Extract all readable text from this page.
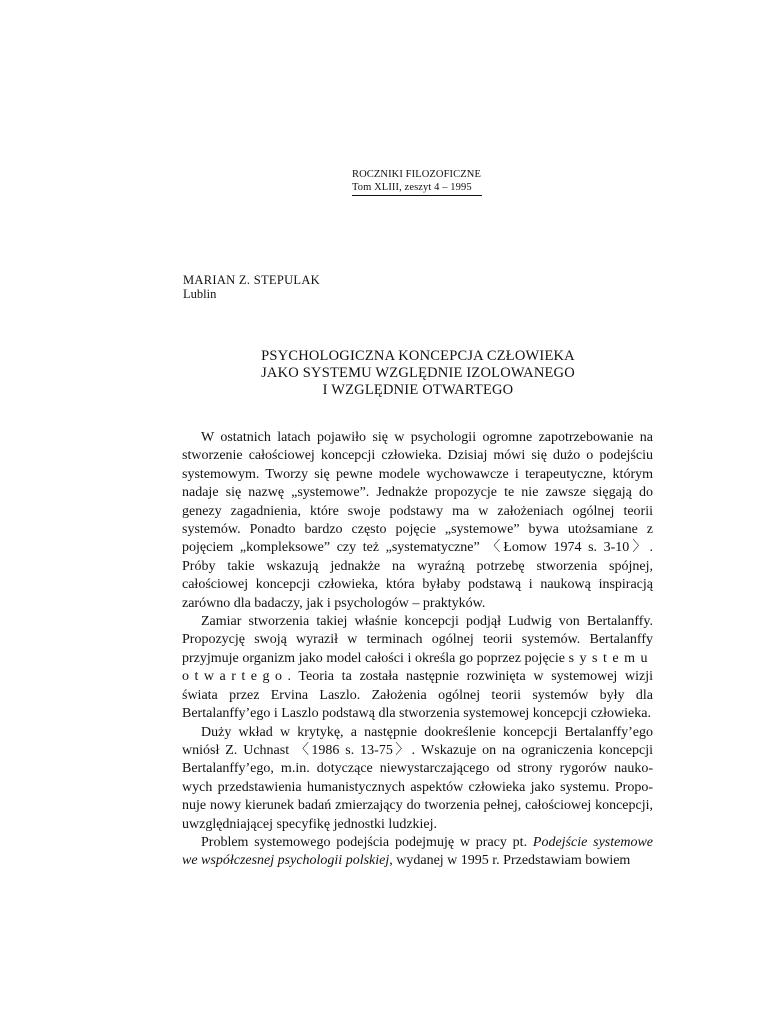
ROCZNIKI FILOZOFICZNE

Tom XLIII, zeszyt 4 – 1995
MARIAN Z. STEPULAK
Lublin
PSYCHOLOGICZNA KONCEPCJA CZŁOWIEKA
JAKO SYSTEMU WZGLĘDNIE IZOLOWANEGO
I WZGLĘDNIE OTWARTEGO

W ostatnich latach pojawiło się w psychologii ogromne zapotrzebowanie na stworzenie całościowej koncepcji człowieka. Dzisiaj mówi się dużo o podejściu systemowym. Tworzy się pewne modele wychowawcze i terapeutyczne, którym nadaje się nazwę „systemowe”. Jednakże propozycje te nie zawsze sięgają do genezy zagadnienia, które swoje podstawy ma w założeniach ogólnej teorii systemów. Ponadto bardzo często pojęcie „systemowe” bywa utożsamiane z pojęciem „kompleksowe” czy też „systematyczne” 〈Łomow 1974 s. 3-10〉. Próby takie wskazują jednakże na wyraźną potrzebę stworzenia spójnej, całościowej koncepcji człowieka, która byłaby podstawą i naukową inspiracją zarówno dla badaczy, jak i psychologów – praktyków.

Zamiar stworzenia takiej właśnie koncepcji podjął Ludwig von Bertalanffy. Propozycję swoją wyraził w terminach ogólnej teorii systemów. Bertalanffy przyjmuje organizm jako model całości i określa go poprzez pojęcie systemu otwartego. Teoria ta została następnie rozwinięta w systemowej wizji świata przez Ervina Laszlo. Założenia ogólnej teorii systemów były dla Bertalanffy’ego i Laszlo podstawą dla stworzenia systemowej koncepcji człowieka.

Duży wkład w krytykę, a następnie dookreślenie koncepcji Bertalanffy’ego wniósł Z. Uchnast 〈1986 s. 13-75〉. Wskazuje on na ograniczenia koncepcji Bertalanffy’ego, m.in. dotyczące niewystarczającego od strony rygorów naukowych przedstawienia humanistycznych aspektów człowieka jako systemu. Proponuje nowy kierunek badań zmierzający do tworzenia pełnej, całościowej koncepcji, uwzględniającej specyfikę jednostki ludzkiej.

Problem systemowego podejścia podejmuję w pracy pt. Podejście systemowe we współczesnej psychologii polskiej, wydanej w 1995 r. Przedstawiam bowiem
